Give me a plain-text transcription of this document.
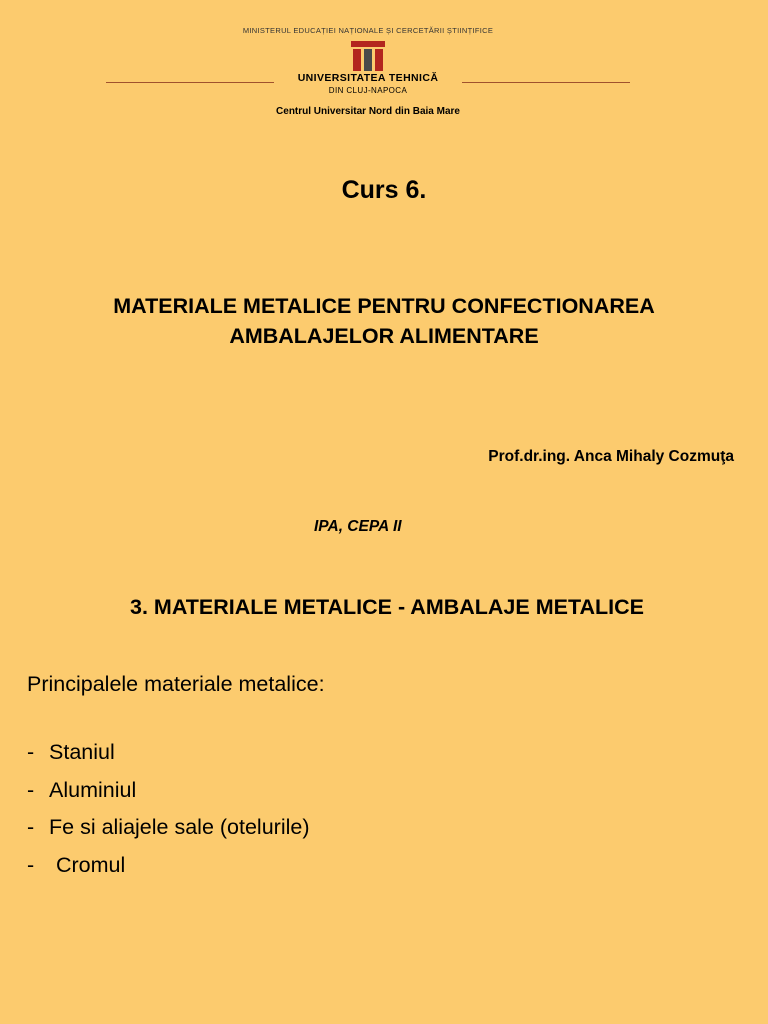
MINISTERUL EDUCAȚIEI NAȚIONALE ȘI CERCETĂRII ȘTIINȚIFICE
UNIVERSITATEA TEHNICĂ
DIN CLUJ-NAPOCA
Centrul Universitar Nord din Baia Mare
Curs 6.
MATERIALE METALICE PENTRU CONFECTIONAREA
AMBALAJELOR ALIMENTARE
Prof.dr.ing. Anca Mihaly Cozmuţa
IPA, CEPA II
3. MATERIALE METALICE - AMBALAJE METALICE
Principalele materiale metalice:
- Staniul
- Aluminiul
- Fe si aliajele sale (otelurile)
- Cromul
